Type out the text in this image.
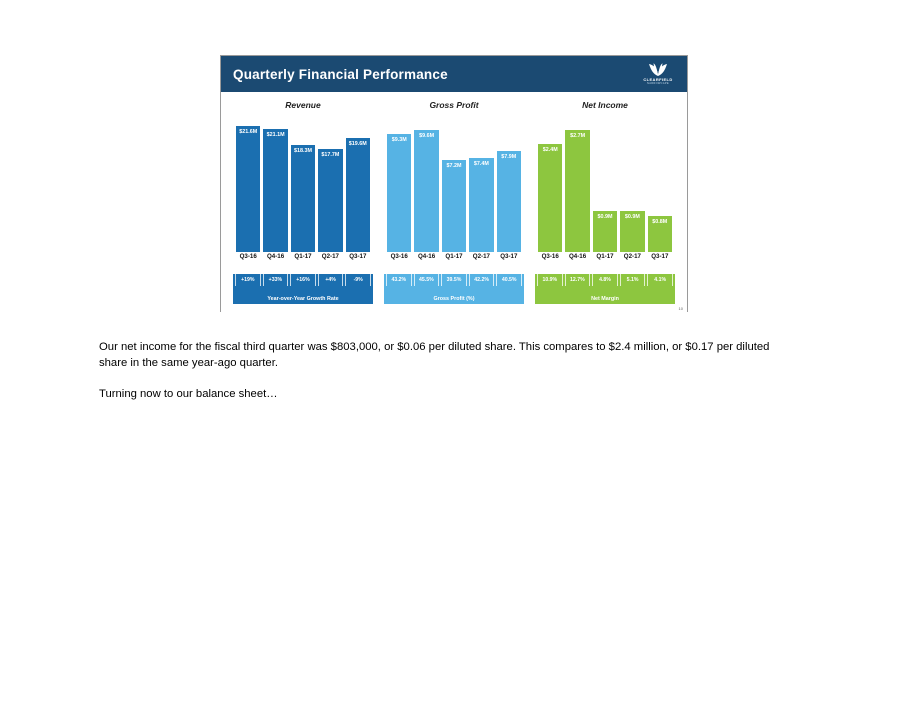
Quarterly Financial Performance	CLEARFIELD
NARROWCAPE
Revenue
$21.6M	$21.1M
$18.3M
$17.7M
$19.6M
Q3-16	Q4-16	Q1-17	Q2-17	Q3-17
+19%	+33%	+16%	+4%	-9%
Year-over-Year Growth Rate
Gross Profit
$9.3M
$9.6M
$7.2M	$7.4M
$7.9M
Q3-16	Q4-16	Q1-17	Q2-17	Q3-17
43.2%	45.5%	39.5%	42.2%	40.5%
Gross Profit (%)
Net Income
$2.4M
$2.7M
$0.9M	$0.9M
$0.8M
Q3-16	Q4-16	Q1-17	Q2-17	Q3-17
10.9%	12.7%	4.8%	5.1%	4.1%
Net Margin
10

Our net income for the fiscal third quarter was $803,000, or $0.06 per diluted share. This compares to $2.4 million, or $0.17 per diluted share in the same year-ago quarter.

Turning now to our balance sheet…
